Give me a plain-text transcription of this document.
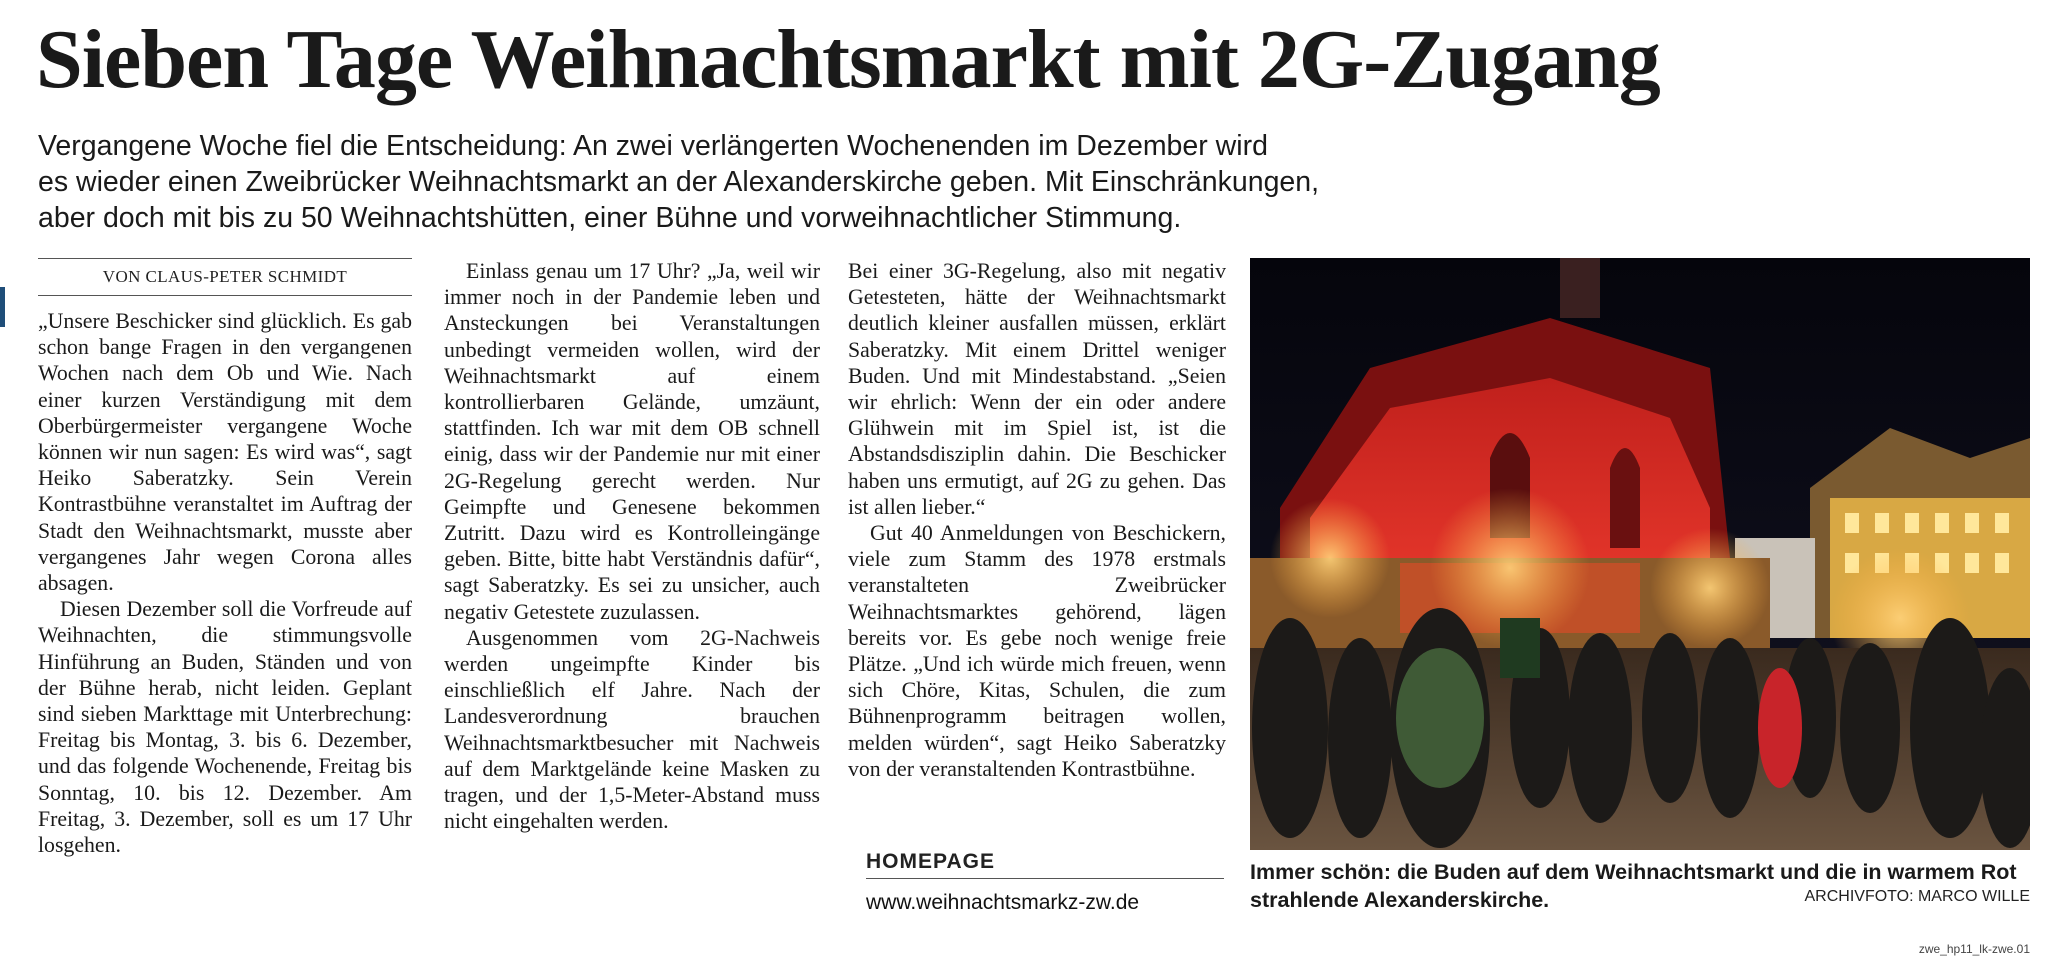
Sieben Tage Weihnachtsmarkt mit 2G-Zugang
Vergangene Woche fiel die Entscheidung: An zwei verlängerten Wochenenden im Dezember wird
es wieder einen Zweibrücker Weihnachtsmarkt an der Alexanderskirche geben. Mit Einschränkungen,
aber doch mit bis zu 50 Weihnachtshütten, einer Bühne und vorweihnachtlicher Stimmung.
VON CLAUS-PETER SCHMIDT

„Unsere Beschicker sind glücklich. Es gab schon bange Fragen in den vergangenen Wochen nach dem Ob und Wie. Nach einer kurzen Verständigung mit dem Oberbürgermeister vergangene Woche können wir nun sagen: Es wird was“, sagt Heiko Saberatzky. Sein Verein Kontrastbühne veranstaltet im Auftrag der Stadt den Weihnachtsmarkt, musste aber vergangenes Jahr wegen Corona alles absagen.

Diesen Dezember soll die Vorfreude auf Weihnachten, die stimmungsvolle Hinführung an Buden, Ständen und von der Bühne herab, nicht leiden. Geplant sind sieben Markttage mit Unterbrechung: Freitag bis Montag, 3. bis 6. Dezember, und das folgende Wochenende, Freitag bis Sonntag, 10. bis 12. Dezember. Am Freitag, 3. Dezember, soll es um 17 Uhr losgehen.

Einlass genau um 17 Uhr? „Ja, weil wir immer noch in der Pandemie leben und Ansteckungen bei Veranstaltungen unbedingt vermeiden wollen, wird der Weihnachtsmarkt auf einem kontrollierbaren Gelände, umzäunt, stattfinden. Ich war mit dem OB schnell einig, dass wir der Pandemie nur mit einer 2G-Regelung gerecht werden. Nur Geimpfte und Genesene bekommen Zutritt. Dazu wird es Kontrolleingänge geben. Bitte, bitte habt Verständnis dafür“, sagt Saberatzky. Es sei zu unsicher, auch negativ Getestete zuzulassen.

Ausgenommen vom 2G-Nachweis werden ungeimpfte Kinder bis einschließlich elf Jahre. Nach der Landesverordnung brauchen Weihnachtsmarktbesucher mit Nachweis auf dem Marktgelände keine Masken zu tragen, und der 1,5-Meter-Abstand muss nicht eingehalten werden.

Bei einer 3G-Regelung, also mit negativ Getesteten, hätte der Weihnachtsmarkt deutlich kleiner ausfallen müssen, erklärt Saberatzky. Mit einem Drittel weniger Buden. Und mit Mindestabstand. „Seien wir ehrlich: Wenn der ein oder andere Glühwein mit im Spiel ist, ist die Abstandsdisziplin dahin. Die Beschicker haben uns ermutigt, auf 2G zu gehen. Das ist allen lieber.“

Gut 40 Anmeldungen von Beschickern, viele zum Stamm des 1978 erstmals veranstalteten Zweibrücker Weihnachtsmarktes gehörend, lägen bereits vor. Es gebe noch wenige freie Plätze. „Und ich würde mich freuen, wenn sich Chöre, Kitas, Schulen, die zum Bühnenprogramm beitragen wollen, melden würden“, sagt Heiko Saberatzky von der veranstaltenden Kontrastbühne.

HOMEPAGE
www.weihnachtsmarkz-zw.de
Immer schön: die Buden auf dem Weihnachtsmarkt und die in warmem Rot strahlende Alexanderskirche.	ARCHIVFOTO: MARCO WILLE
zwe_hp11_lk-zwe.01
